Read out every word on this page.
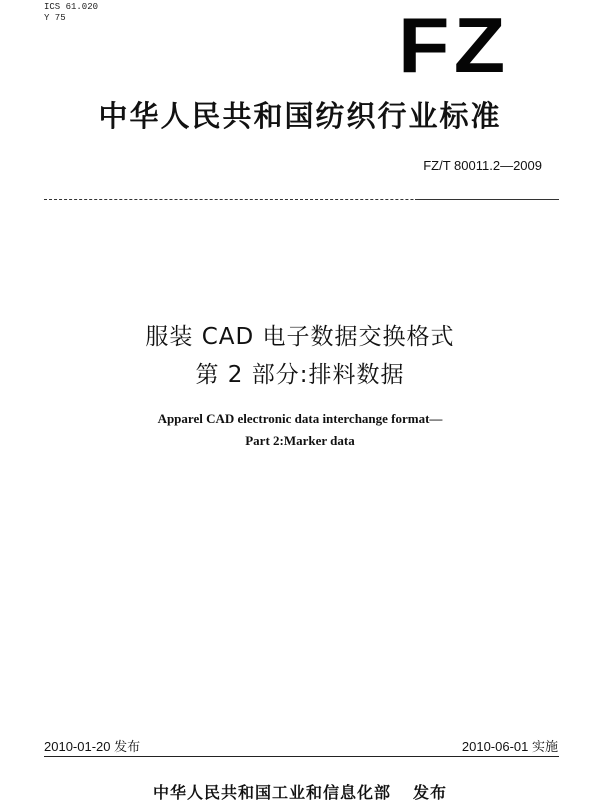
ICS 61.020
Y 75	FZ
中华人民共和国纺织行业标准
FZ/T 80011.2—2009
服装 CAD 电子数据交换格式
第 2 部分:排料数据
Apparel CAD electronic data interchange format—
Part 2:Marker data
2010-01-20 发布	2010-06-01 实施
中华人民共和国工业和信息化部 发布
